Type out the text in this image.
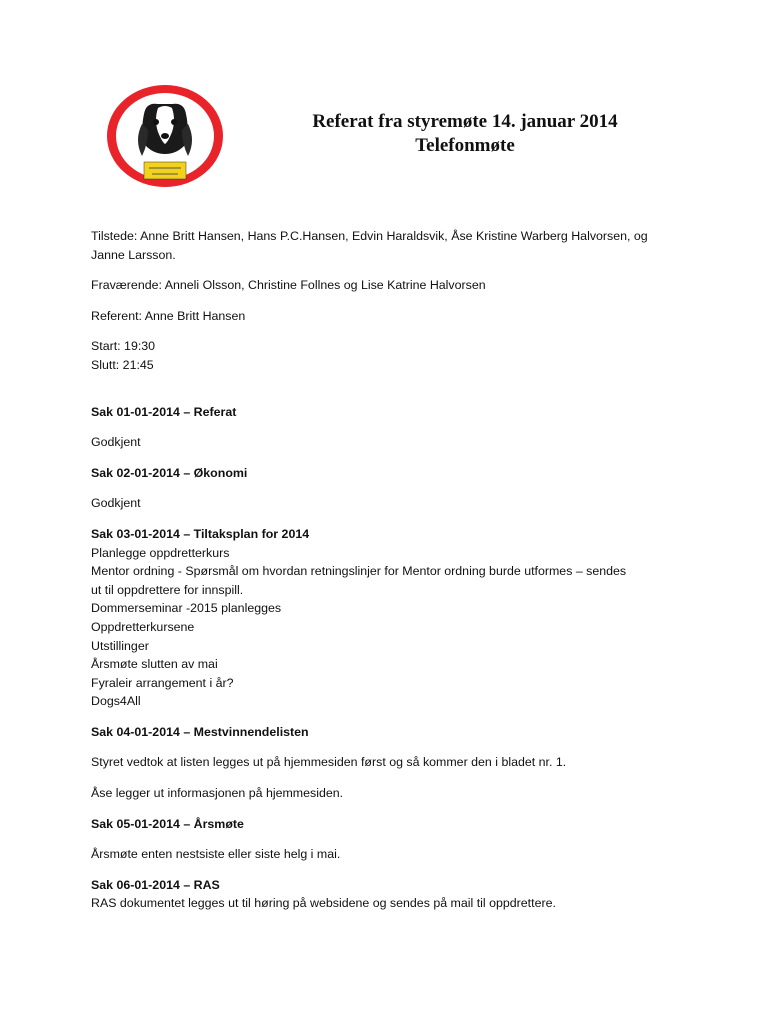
Referat fra styremøte 14. januar 2014
Telefonmøte

Tilstede: Anne Britt Hansen, Hans P.C.Hansen, Edvin Haraldsvik, Åse Kristine Warberg Halvorsen, og

Janne Larsson.

Fraværende: Anneli Olsson, Christine Follnes og Lise Katrine Halvorsen

Referent: Anne Britt Hansen

Start: 19:30

Slutt: 21:45

Sak 01-01-2014 – Referat

Godkjent

Sak 02-01-2014 – Økonomi

Godkjent

Sak 03-01-2014 – Tiltaksplan for 2014

Planlegge oppdretterkurs

Mentor ordning - Spørsmål om hvordan retningslinjer for Mentor ordning burde utformes – sendes

ut til oppdrettere for innspill.

Dommerseminar -2015 planlegges

Oppdretterkursene

Utstillinger

Årsmøte slutten av mai

Fyraleir arrangement i år?

Dogs4All

Sak 04-01-2014 – Mestvinnendelisten

Styret vedtok at listen legges ut på hjemmesiden først og så kommer den i bladet nr. 1.

Åse legger ut informasjonen på hjemmesiden.

Sak 05-01-2014 – Årsmøte

Årsmøte enten nestsiste eller siste helg i mai.

Sak 06-01-2014 – RAS

RAS dokumentet legges ut til høring på websidene og sendes på mail til oppdrettere.
